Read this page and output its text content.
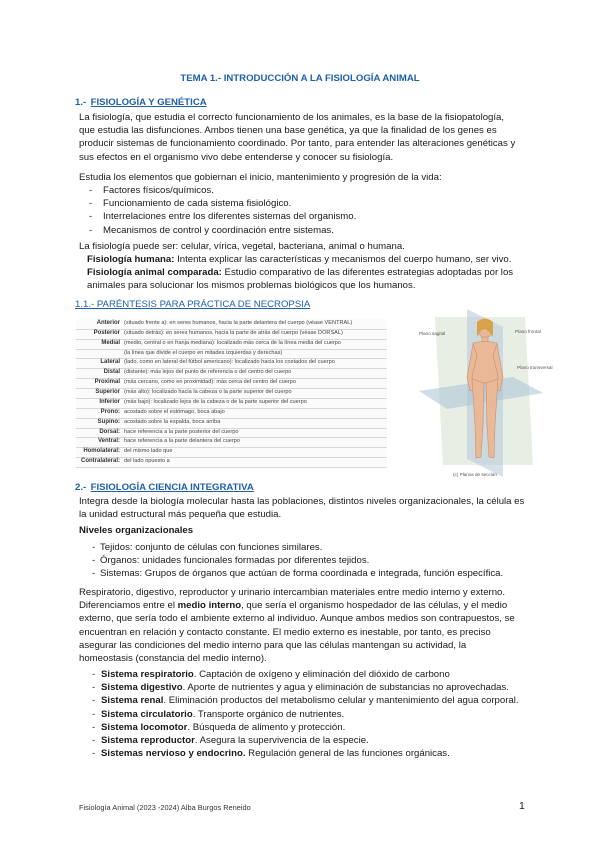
TEMA 1.- INTRODUCCIÓN A LA FISIOLOGÍA ANIMAL
1.- FISIOLOGÍA Y GENÉTICA
La fisiología, que estudia el correcto funcionamiento de los animales, es la base de la fisiopatología,
que estudia las disfunciones. Ambos tienen una base genética, ya que la finalidad de los genes es
producir sistemas de funcionamiento coordinado. Por tanto, para entender las alteraciones genéticas y
sus efectos en el organismo vivo debe entenderse y conocer su fisiología.
Estudia los elementos que gobiernan el inicio, mantenimiento y progresión de la vida:
- Factores físicos/químicos.
- Funcionamiento de cada sistema fisiológico.
- Interrelaciones entre los diferentes sistemas del organismo.
- Mecanismos de control y coordinación entre sistemas.
La fisiología puede ser: celular, vírica, vegetal, bacteriana, animal o humana.
Fisiología humana: Intenta explicar las características y mecanismos del cuerpo humano, ser vivo.
Fisiología animal comparada: Estudio comparativo de las diferentes estrategias adoptadas por los
animales para solucionar los mismos problemas biológicos que los humanos.
1.1.- PARÉNTESIS PARA PRÁCTICA DE NECROPSIA
Anterior (situado frente a): en seres humanos, hacia la parte delantera del cuerpo (véase VENTRAL)
Posterior (situado detrás): en seres humanos, hacia la parte de atrás del cuerpo (véase DORSAL)
Medial (medio, central o en franja mediana): localizado más cerca de la línea media del cuerpo
(la línea que divide el cuerpo en mitades izquierdas y derechas)
Lateral (lado, como en lateral del fútbol americano): localizado hacia los costados del cuerpo
Distal (distante): más lejos del punto de referencia o del centro del cuerpo
Proximal (más cercano, como en proximidad): más cerca del centro del cuerpo
Superior (más alto): localizado hacia la cabeza o la parte superior del cuerpo
Inferior (más bajo): localizado lejos de la cabeza o de la parte superior del cuerpo
Prono: acostado sobre el estómago, boca abajo
Supino: acostado sobre la espalda, boca arriba
Dorsal: hace referencia a la parte posterior del cuerpo
Ventral: hace referencia a la parte delantera del cuerpo
Homolateral: del mismo lado que
Contralateral: del lado opuesto a
Plano sagital	Plano frontal
Plano transversal
(c) Planos de sección
2.- FISIOLOGÍA CIENCIA INTEGRATIVA
Integra desde la biología molecular hasta las poblaciones, distintos niveles organizacionales, la célula es
la unidad estructural más pequeña que estudia.
Niveles organizacionales
- Tejidos: conjunto de células con funciones similares.
- Órganos: unidades funcionales formadas por diferentes tejidos.
- Sistemas: Grupos de órganos que actúan de forma coordinada e integrada, función específica.
Respiratorio, digestivo, reproductor y urinario intercambian materiales entre medio interno y externo.
Diferenciamos entre el medio interno, que sería el organismo hospedador de las células, y el medio
externo, que sería todo el ambiente externo al individuo. Aunque ambos medios son contrapuestos, se
encuentran en relación y contacto constante. El medio externo es inestable, por tanto, es preciso
asegurar las condiciones del medio interno para que las células mantengan su actividad, la
homeostasis (constancia del medio interno).
- Sistema respiratorio. Captación de oxígeno y eliminación del dióxido de carbono
- Sistema digestivo. Aporte de nutrientes y agua y eliminación de substancias no aprovechadas.
- Sistema renal. Eliminación productos del metabolismo celular y mantenimiento del agua corporal.
- Sistema circulatorio. Transporte orgánico de nutrientes.
- Sistema locomotor. Búsqueda de alimento y protección.
- Sistema reproductor. Asegura la supervivencia de la especie.
- Sistemas nervioso y endocrino. Regulación general de las funciones orgánicas.
Fisiología Animal (2023 -2024) Alba Burgos Reneido	1
